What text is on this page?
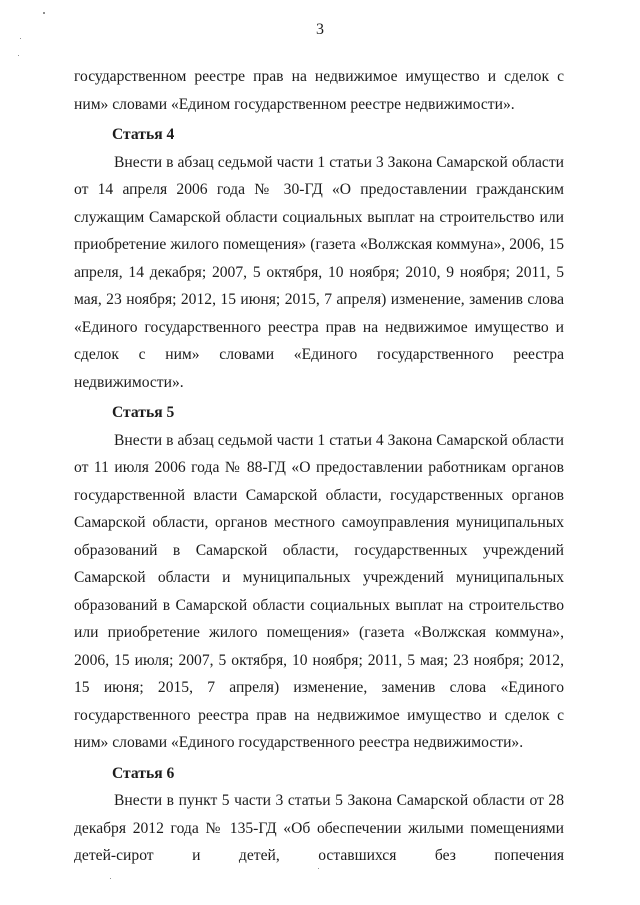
3

государственном реестре прав на недвижимое имущество и сделок с ним» словами «Едином государственном реестре недвижимости».

Статья 4

Внести в абзац седьмой части 1 статьи 3 Закона Самарской области от 14 апреля 2006 года № 30-ГД «О предоставлении гражданским служащим Самарской области социальных выплат на строительство или приобретение жилого помещения» (газета «Волжская коммуна», 2006, 15 апреля, 14 декабря; 2007, 5 октября, 10 ноября; 2010, 9 ноября; 2011, 5 мая, 23 ноября; 2012, 15 июня; 2015, 7 апреля) изменение, заменив слова «Единого государственного реестра прав на недвижимое имущество и сделок с ним» словами «Единого государственного реестра недвижимости».

Статья 5

Внести в абзац седьмой части 1 статьи 4 Закона Самарской области от 11 июля 2006 года № 88-ГД «О предоставлении работникам органов государственной власти Самарской области, государственных органов Самарской области, органов местного самоуправления муниципальных образований в Самарской области, государственных учреждений Самарской области и муниципальных учреждений муниципальных образований в Самарской области социальных выплат на строительство или приобретение жилого помещения» (газета «Волжская коммуна», 2006, 15 июля; 2007, 5 октября, 10 ноября; 2011, 5 мая; 23 ноября; 2012, 15 июня; 2015, 7 апреля) изменение, заменив слова «Единого государственного реестра прав на недвижимое имущество и сделок с ним» словами «Единого государственного реестра недвижимости».

Статья 6

Внести в пункт 5 части 3 статьи 5 Закона Самарской области от 28 декабря 2012 года № 135-ГД «Об обеспечении жилыми помещениями детей-сирот и детей, оставшихся без попечения
